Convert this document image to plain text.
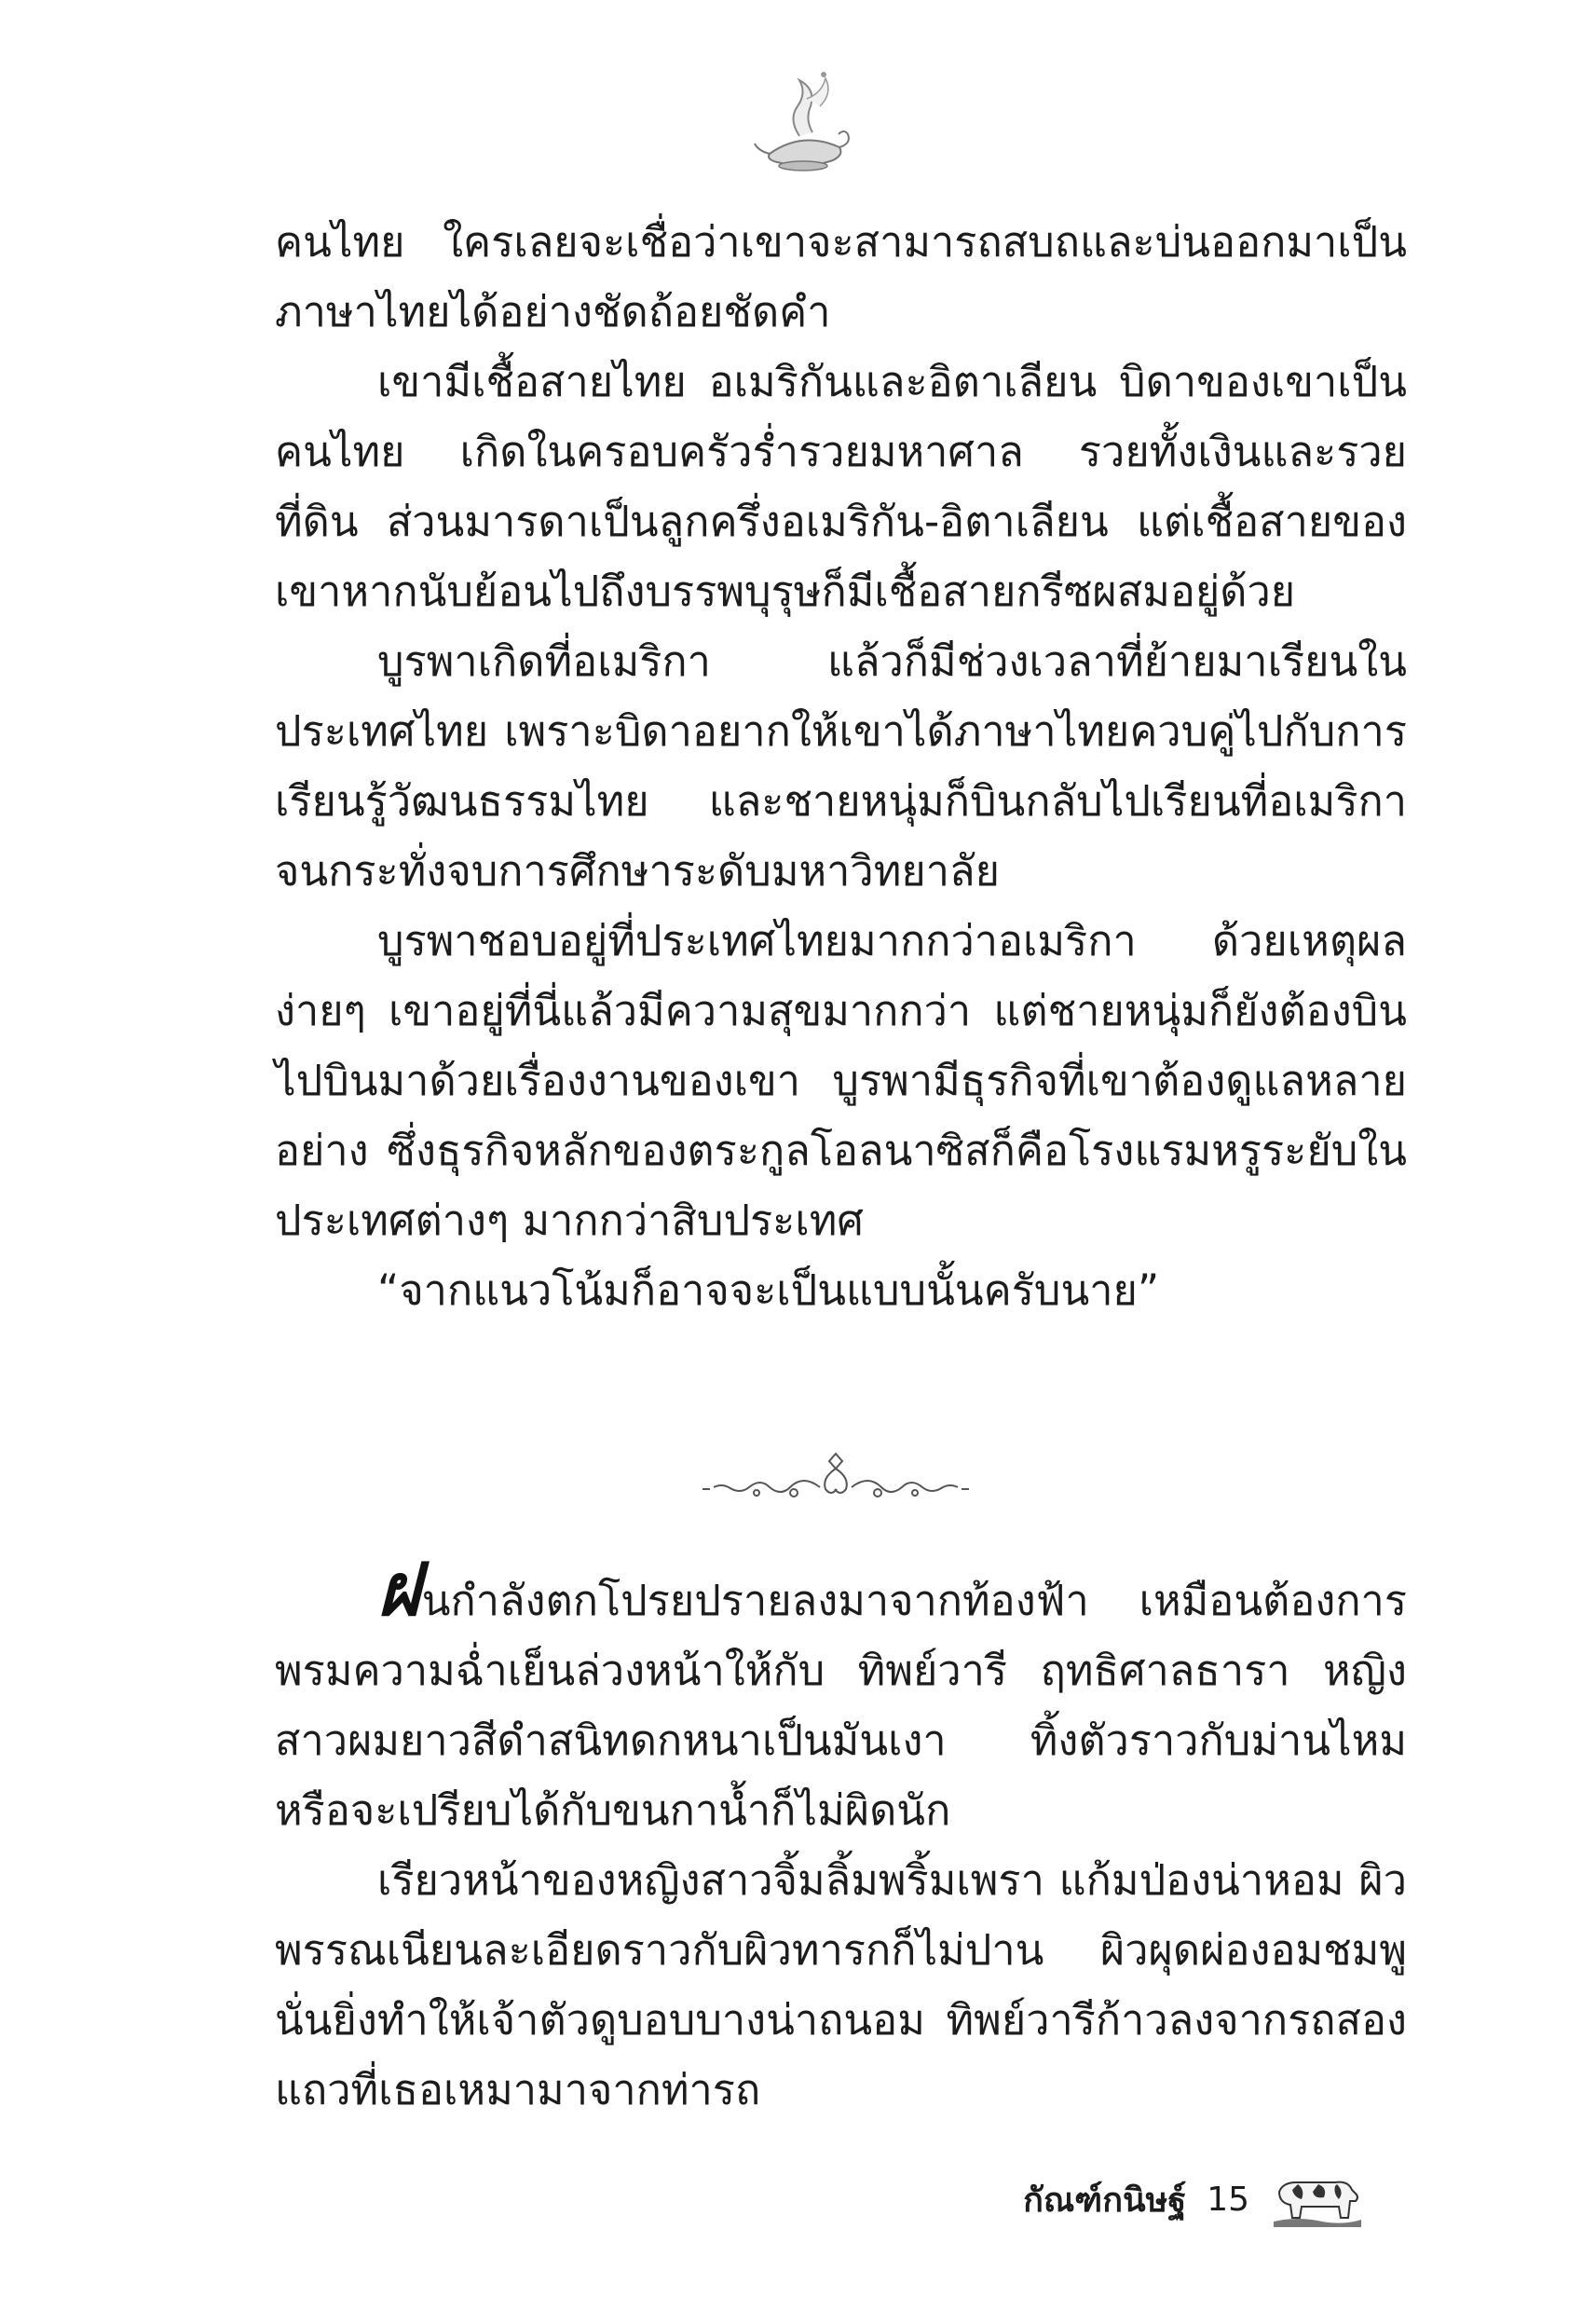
คนไทย ใครเลยจะเชื่อว่าเขาจะสามารถสบถและบ่นออกมาเป็นภาษาไทยได้อย่างชัดถ้อยชัดคำ

เขามีเชื้อสายไทย อเมริกันและอิตาเลียน บิดาของเขาเป็นคนไทย เกิดในครอบครัวร่ำรวยมหาศาล รวยทั้งเงินและรวยที่ดิน ส่วนมารดาเป็นลูกครึ่งอเมริกัน-อิตาเลียน แต่เชื้อสายของเขาหากนับย้อนไปถึงบรรพบุรุษก็มีเชื้อสายกรีซผสมอยู่ด้วย

บูรพาเกิดที่อเมริกา แล้วก็มีช่วงเวลาที่ย้ายมาเรียนในประเทศไทย เพราะบิดาอยากให้เขาได้ภาษาไทยควบคู่ไปกับการเรียนรู้วัฒนธรรมไทย และชายหนุ่มก็บินกลับไปเรียนที่อเมริกาจนกระทั่งจบการศึกษาระดับมหาวิทยาลัย

บูรพาชอบอยู่ที่ประเทศไทยมากกว่าอเมริกา ด้วยเหตุผลง่ายๆ เขาอยู่ที่นี่แล้วมีความสุขมากกว่า แต่ชายหนุ่มก็ยังต้องบินไปบินมาด้วยเรื่องงานของเขา บูรพามีธุรกิจที่เขาต้องดูแลหลายอย่าง ซึ่งธุรกิจหลักของตระกูลโอลนาซิสก็คือโรงแรมหรูระยับในประเทศต่างๆ มากกว่าสิบประเทศ

“จากแนวโน้มก็อาจจะเป็นแบบนั้นครับนาย”

ฝนกำลังตกโปรยปรายลงมาจากท้องฟ้า เหมือนต้องการพรมความฉ่ำเย็นล่วงหน้าให้กับ ทิพย์วารี ฤทธิศาลธารา หญิงสาวผมยาวสีดำสนิทดกหนาเป็นมันเงา ทิ้งตัวราวกับม่านไหม หรือจะเปรียบได้กับขนกาน้ำก็ไม่ผิดนัก

เรียวหน้าของหญิงสาวจิ้มลิ้มพริ้มเพรา แก้มป่องน่าหอม ผิวพรรณเนียนละเอียดราวกับผิวทารกก็ไม่ปาน ผิวผุดผ่องอมชมพูนั่นยิ่งทำให้เจ้าตัวดูบอบบางน่าถนอม ทิพย์วารีก้าวลงจากรถสองแถวที่เธอเหมามาจากท่ารถ

กัณฑ์กนิษฐ์ 15
